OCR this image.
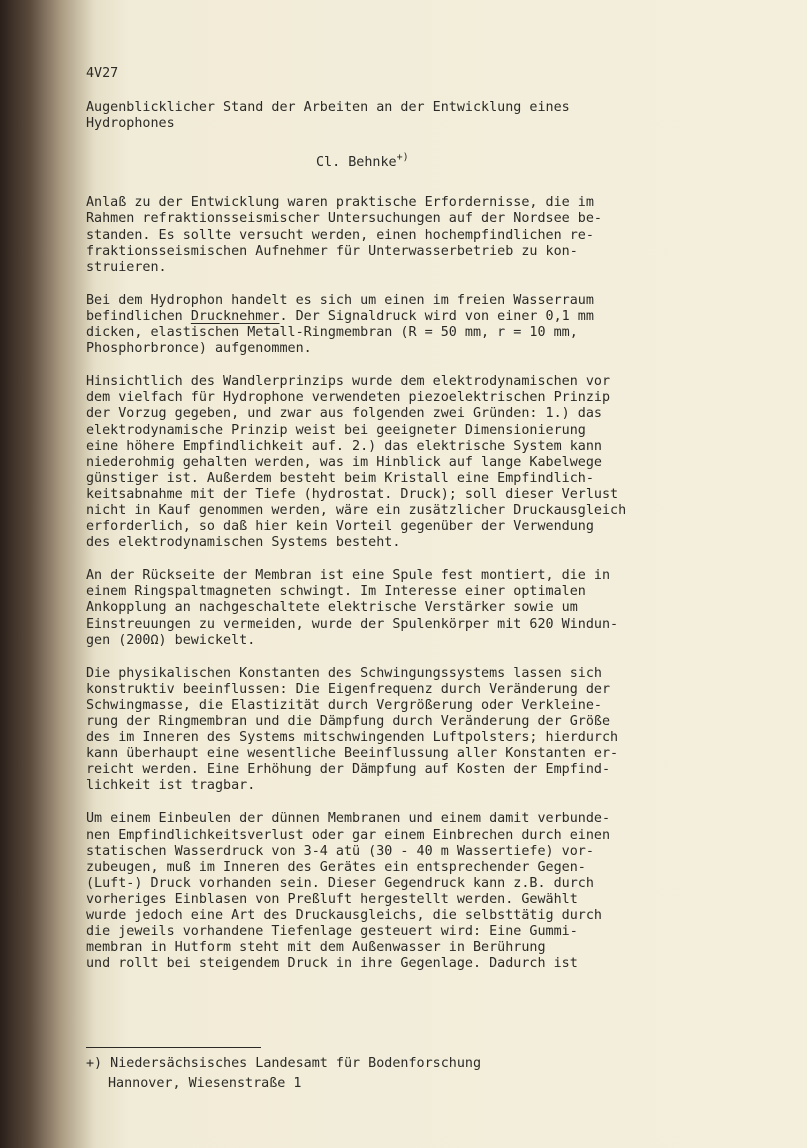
4V27
Augenblicklicher Stand der Arbeiten an der Entwicklung eines
Hydrophones
Cl. Behnke+)

Anlaß zu der Entwicklung waren praktische Erfordernisse, die im
Rahmen refraktionsseismischer Untersuchungen auf der Nordsee be-
standen. Es sollte versucht werden, einen hochempfindlichen re-
fraktionsseismischen Aufnehmer für Unterwasserbetrieb zu kon-
struieren.

Bei dem Hydrophon handelt es sich um einen im freien Wasserraum
befindlichen Drucknehmer. Der Signaldruck wird von einer 0,1 mm
dicken, elastischen Metall-Ringmembran (R = 50 mm, r = 10 mm,
Phosphorbronce) aufgenommen.

Hinsichtlich des Wandlerprinzips wurde dem elektrodynamischen vor
dem vielfach für Hydrophone verwendeten piezoelektrischen Prinzip
der Vorzug gegeben, und zwar aus folgenden zwei Gründen: 1.) das
elektrodynamische Prinzip weist bei geeigneter Dimensionierung
eine höhere Empfindlichkeit auf. 2.) das elektrische System kann
niederohmig gehalten werden, was im Hinblick auf lange Kabelwege
günstiger ist. Außerdem besteht beim Kristall eine Empfindlich-
keitsabnahme mit der Tiefe (hydrostat. Druck); soll dieser Verlust
nicht in Kauf genommen werden, wäre ein zusätzlicher Druckausgleich
erforderlich, so daß hier kein Vorteil gegenüber der Verwendung
des elektrodynamischen Systems besteht.

An der Rückseite der Membran ist eine Spule fest montiert, die in
einem Ringspaltmagneten schwingt. Im Interesse einer optimalen
Ankopplung an nachgeschaltete elektrische Verstärker sowie um
Einstreuungen zu vermeiden, wurde der Spulenkörper mit 620 Windun-
gen (200Ω) bewickelt.

Die physikalischen Konstanten des Schwingungssystems lassen sich
konstruktiv beeinflussen: Die Eigenfrequenz durch Veränderung der
Schwingmasse, die Elastizität durch Vergrößerung oder Verkleine-
rung der Ringmembran und die Dämpfung durch Veränderung der Größe
des im Inneren des Systems mitschwingenden Luftpolsters; hierdurch
kann überhaupt eine wesentliche Beeinflussung aller Konstanten er-
reicht werden. Eine Erhöhung der Dämpfung auf Kosten der Empfind-
lichkeit ist tragbar.

Um einem Einbeulen der dünnen Membranen und einem damit verbunde-
nen Empfindlichkeitsverlust oder gar einem Einbrechen durch einen
statischen Wasserdruck von 3-4 atü (30 - 40 m Wassertiefe) vor-
zubeugen, muß im Inneren des Gerätes ein entsprechender Gegen-
(Luft-) Druck vorhanden sein. Dieser Gegendruck kann z.B. durch
vorheriges Einblasen von Preßluft hergestellt werden. Gewählt
wurde jedoch eine Art des Druckausgleichs, die selbsttätig durch
die jeweils vorhandene Tiefenlage gesteuert wird: Eine Gummi-
membran in Hutform steht mit dem Außenwasser in Berührung
und rollt bei steigendem Druck in ihre Gegenlage. Dadurch ist

+) Niedersächsisches Landesamt für Bodenforschung
Hannover, Wiesenstraße 1
